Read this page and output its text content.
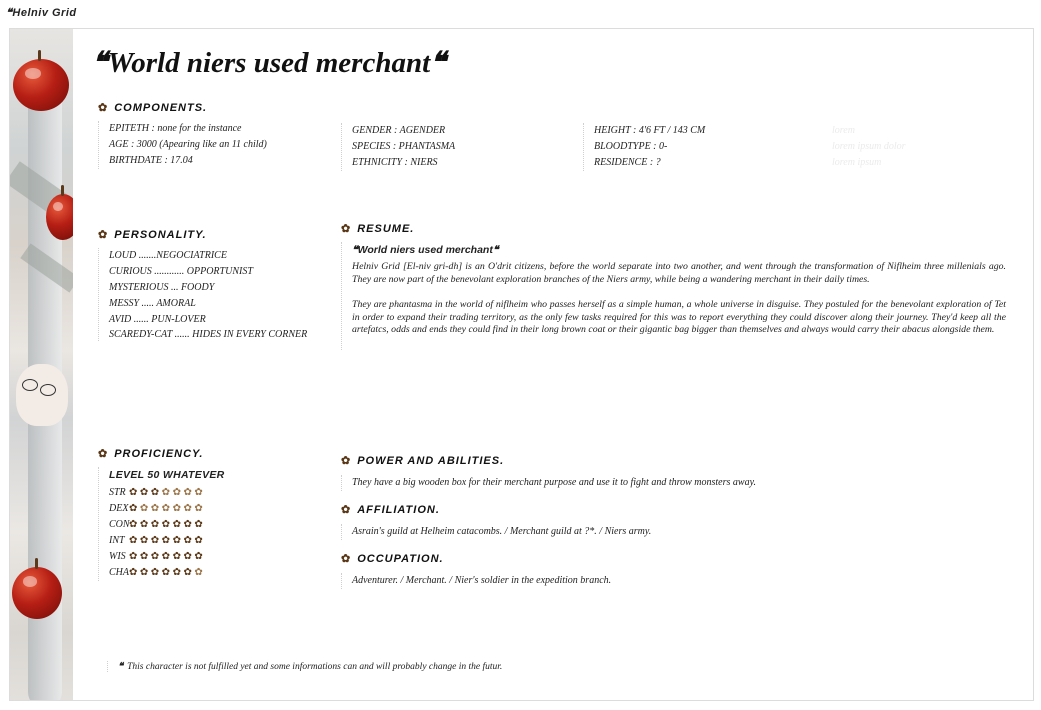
❝Helniv Grid
❝World niers used merchant❝
✿ COMPONENTS.
EPITETH : none for the instance
AGE : 3000 (Apearing like an 11 child)
BIRTHDATE : 17.04
GENDER : AGENDER
SPECIES : PHANTASMA
ETHNICITY : NIERS
HEIGHT : 4'6 FT / 143 CM
BLOODTYPE : 0-
RESIDENCE : ?
lorem
lorem ipsum dolor
lorem ipsum
✿ PERSONALITY.
LOUD .......NEGOCIATRICE
CURIOUS ............ OPPORTUNIST
MYSTERIOUS ... FOODY
MESSY ..... AMORAL
AVID ...... PUN-LOVER
SCAREDY-CAT ...... HIDES IN EVERY CORNER
✿ RESUME.
❝World niers used merchant❝

Helniv Grid [El-niv gri-dh] is an O'drit citizens, before the world separate into two another, and went through the transformation of Niflheim three millenials ago. They are now part of the benevolant exploration branches of the Niers army, while being a wandering merchant in their daily times.

They are phantasma in the world of niflheim who passes herself as a simple human, a whole universe in disguise. They postuled for the benevolant exploration of Tet in order to expand their trading territory, as the only few tasks required for this was to report everything they could discover along their journey. They'd keep all the artefatcs, odds and ends they could find in their long brown coat or their gigantic bag bigger than themselves and always would carry their abacus alongside them.

✿ PROFICIENCY.
LEVEL 50 WHATEVER
STR ✿ ✿ ✿ ✿ ✿ ✿ ✿
DEX ✿ ✿ ✿ ✿ ✿ ✿ ✿
CON ✿ ✿ ✿ ✿ ✿ ✿ ✿
INT ✿ ✿ ✿ ✿ ✿ ✿ ✿
WIS ✿ ✿ ✿ ✿ ✿ ✿ ✿
CHA ✿ ✿ ✿ ✿ ✿ ✿ ✿
✿ POWER AND ABILITIES.
They have a big wooden box for their merchant purpose and use it to fight and throw monsters away.
✿ AFFILIATION.
Asrain's guild at Helheim catacombs. / Merchant guild at ?*. / Niers army.
✿ OCCUPATION.
Adventurer. / Merchant. / Nier's soldier in the expedition branch.
❝ This character is not fulfilled yet and some informations can and will probably change in the futur.
